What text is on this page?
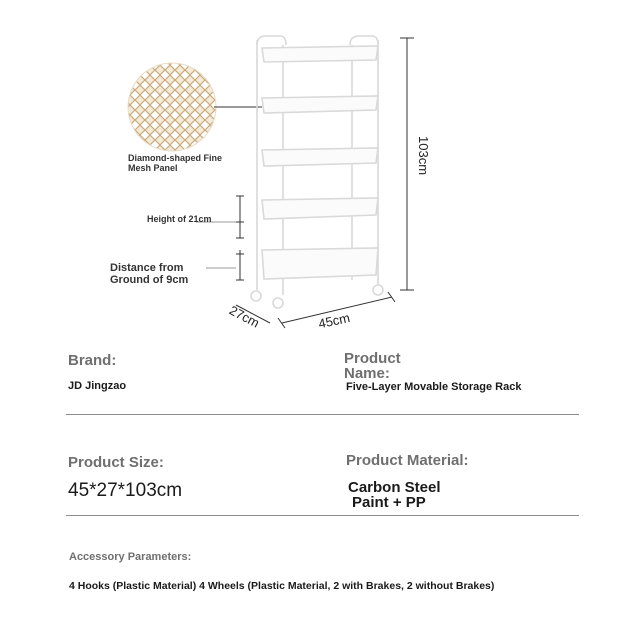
45cm
27cm
103cm
Diamond-shaped Fine Mesh Panel
Height of 21cm
Distance from Ground of 9cm
Brand:
JD Jingzao
Product Name:
Five-Layer Movable Storage Rack
Product Size:
45*27*103cm
Product Material:
Carbon Steel
Paint + PP
Accessory Parameters:
4 Hooks (Plastic Material) 4 Wheels (Plastic Material, 2 with Brakes, 2 without Brakes)
